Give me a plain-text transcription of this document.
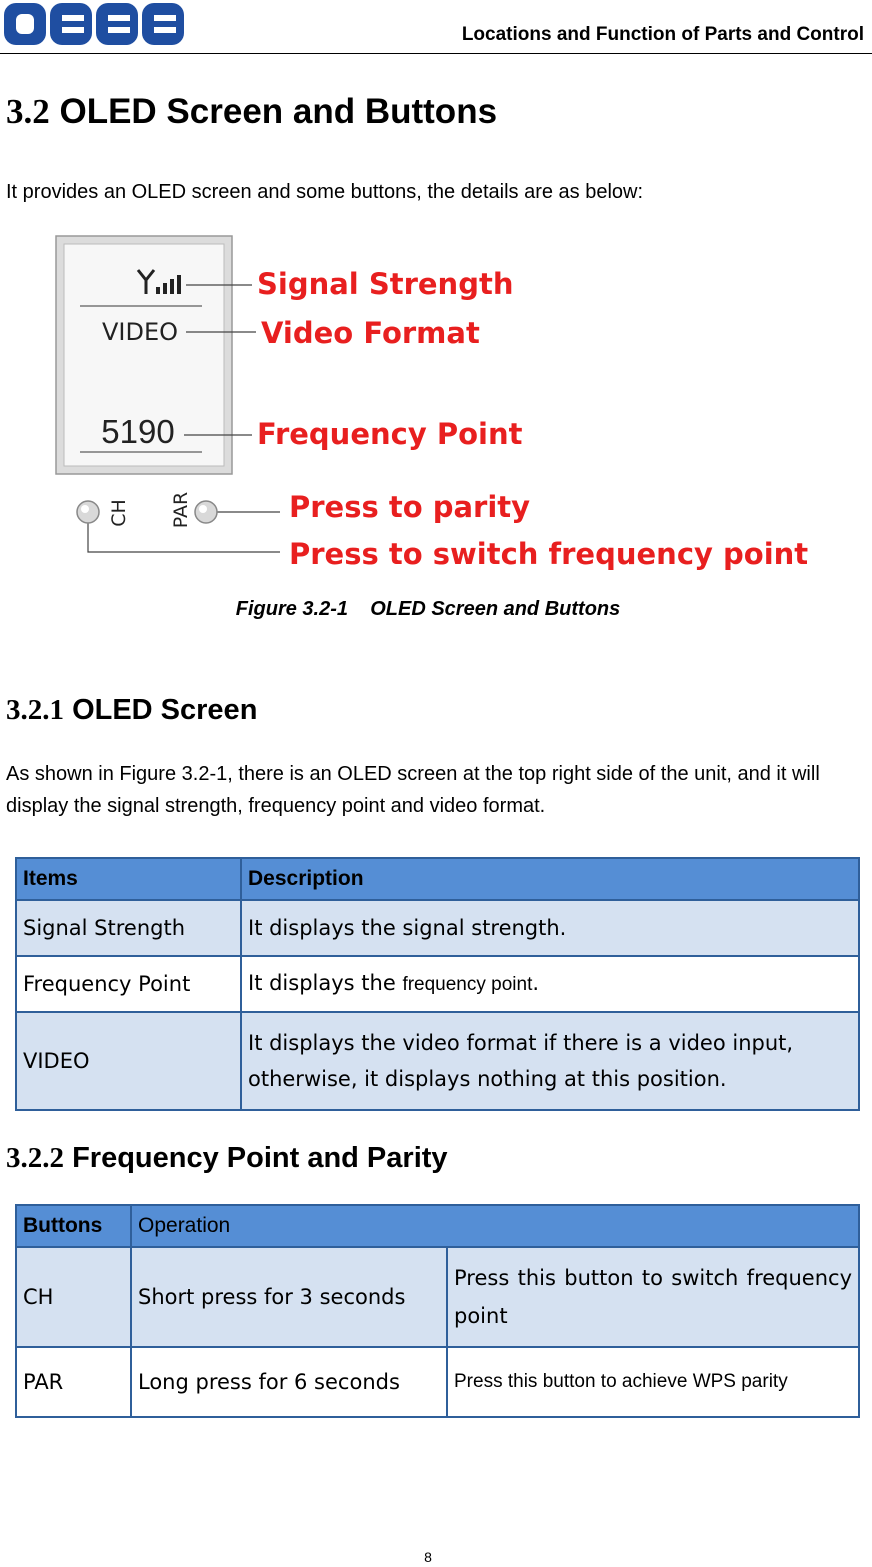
Locations and Function of Parts and Control
3.2 OLED Screen and Buttons
It provides an OLED screen and some buttons, the details are as below:
VIDEO
5190
CH PAR
Signal Strength
Video Format
Frequency Point
Press to parity
Press to switch frequency point
Figure 3.2-1    OLED Screen and Buttons
3.2.1 OLED Screen
As shown in Figure 3.2-1, there is an OLED screen at the top right side of the unit, and it will display the signal strength, frequency point and video format.
Items	Description
Signal Strength	It displays the signal strength.
Frequency Point	It displays the frequency point.
VIDEO	It displays the video format if there is a video input, otherwise, it displays nothing at this position.
3.2.2 Frequency Point and Parity
Buttons	Operation	
CH	Short press for 3 seconds	Press this button to switch frequency point
PAR	Long press for 6 seconds	Press this button to achieve WPS parity
8
